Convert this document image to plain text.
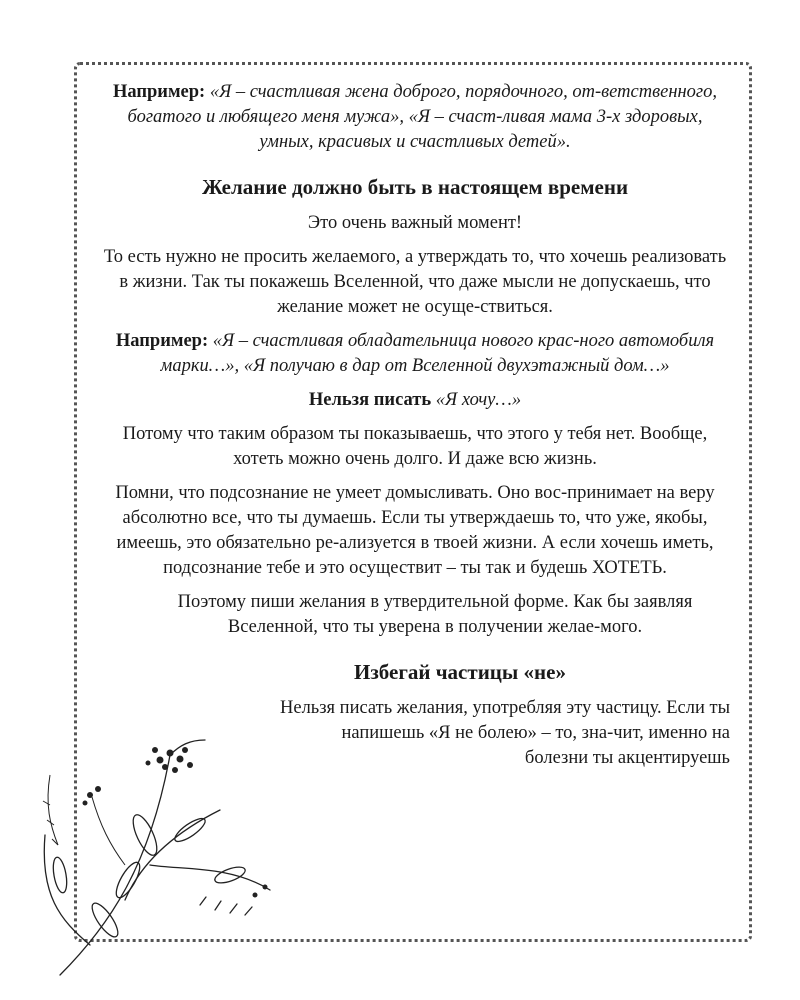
Например: «Я – счастливая жена доброго, порядочного, от-ветственного, богатого и любящего меня мужа», «Я – счаст-ливая мама 3-х здоровых, умных, красивых и счастливых детей».

Желание должно быть в настоящем времени

Это очень важный момент!

То есть нужно не просить желаемого, а утверждать то, что хочешь реализовать в жизни. Так ты покажешь Вселенной, что даже мысли не допускаешь, что желание может не осуще-ствиться.

Например: «Я – счастливая обладательница нового крас-ного автомобиля марки…», «Я получаю в дар от Вселенной двухэтажный дом…»

Нельзя писать «Я хочу…»

Потому что таким образом ты показываешь, что этого у тебя нет. Вообще, хотеть можно очень долго. И даже всю жизнь.

Помни, что подсознание не умеет домысливать. Оно вос-принимает на веру абсолютно все, что ты думаешь. Если ты утверждаешь то, что уже, якобы, имеешь, это обязательно ре-ализуется в твоей жизни. А если хочешь иметь, подсознание тебе и это осуществит – ты так и будешь ХОТЕТЬ.

Поэтому пиши желания в утвердительной форме. Как бы заявляя Вселенной, что ты уверена в получении желае-мого.

Избегай частицы «не»

Нельзя писать желания, употребляя эту частицу. Если ты напишешь «Я не болею» – то, зна-чит, именно на болезни ты акцентируешь
